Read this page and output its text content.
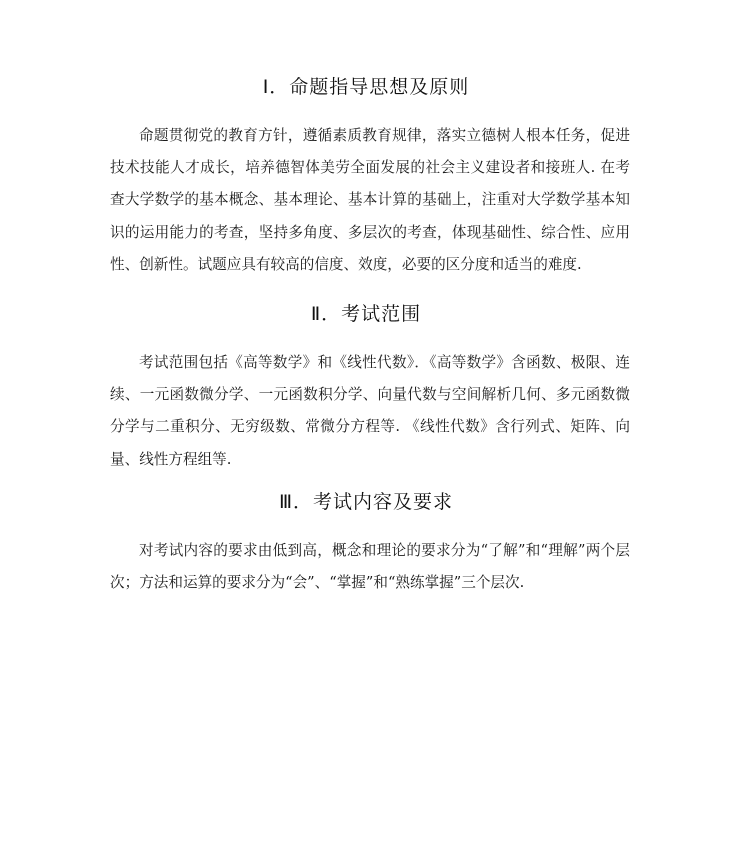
Ⅰ．命题指导思想及原则

命题贯彻党的教育方针，遵循素质教育规律，落实立德树人根本任务，促进技术技能人才成长，培养德智体美劳全面发展的社会主义建设者和接班人. 在考查大学数学的基本概念、基本理论、基本计算的基础上，注重对大学数学基本知识的运用能力的考查，坚持多角度、多层次的考查，体现基础性、综合性、应用性、创新性。试题应具有较高的信度、效度，必要的区分度和适当的难度.

Ⅱ．考试范围

考试范围包括《高等数学》和《线性代数》．《高等数学》含函数、极限、连续、一元函数微分学、一元函数积分学、向量代数与空间解析几何、多元函数微分学与二重积分、无穷级数、常微分方程等. 《线性代数》含行列式、矩阵、向量、线性方程组等.

Ⅲ．考试内容及要求

对考试内容的要求由低到高，概念和理论的要求分为“了解”和“理解”两个层次；方法和运算的要求分为“会”、“掌握”和“熟练掌握”三个层次.
